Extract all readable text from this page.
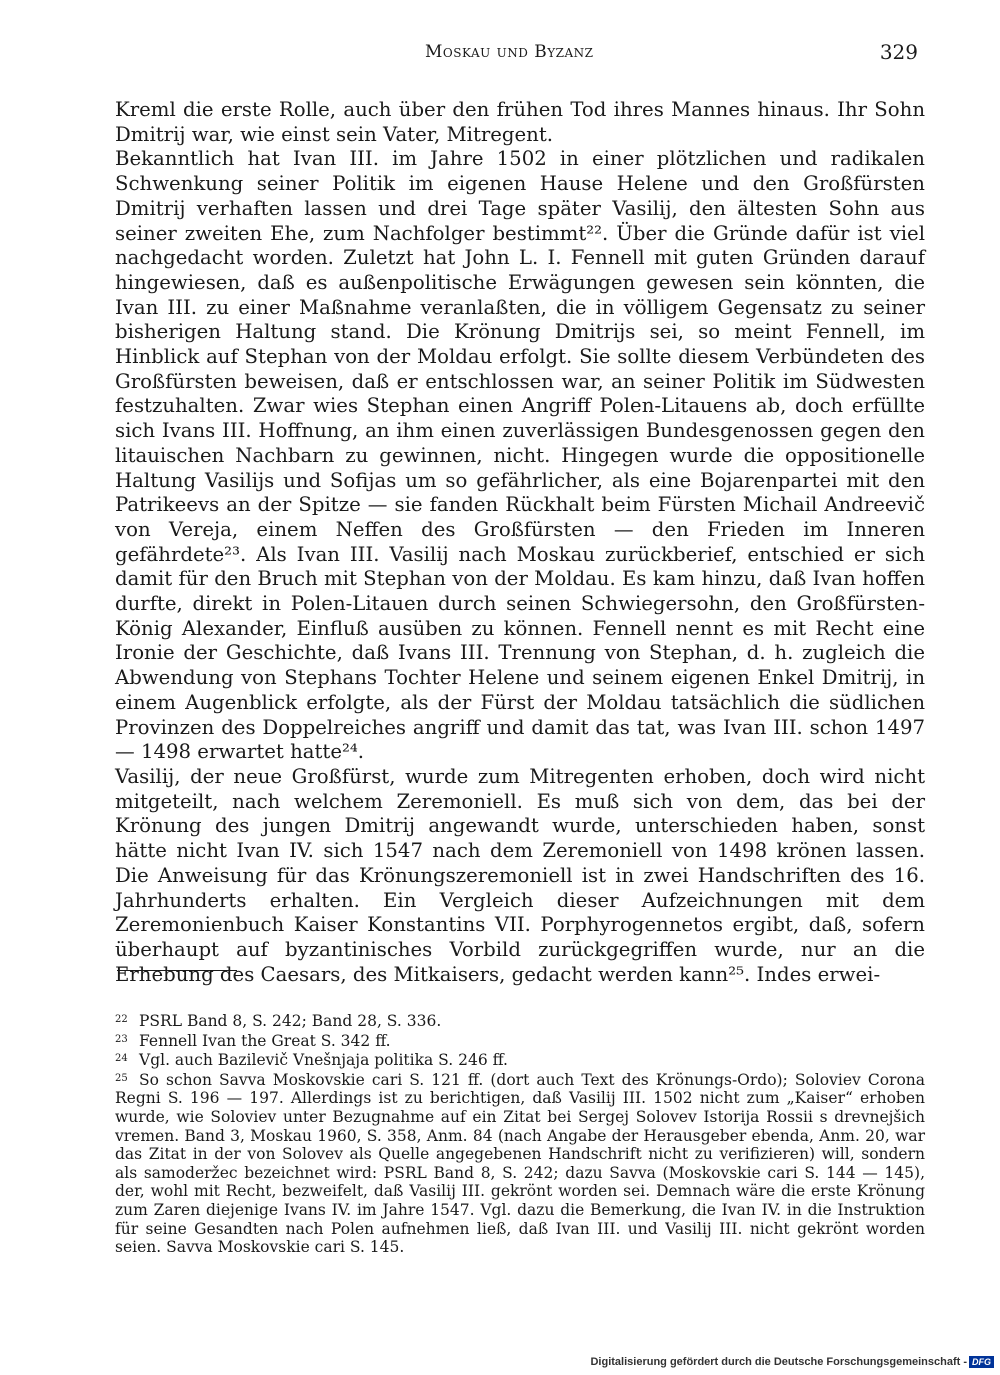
Moskau und Byzanz	329

Kreml die erste Rolle, auch über den frühen Tod ihres Mannes hinaus. Ihr Sohn Dmitrij war, wie einst sein Vater, Mitregent.

Bekanntlich hat Ivan III. im Jahre 1502 in einer plötzlichen und radikalen Schwenkung seiner Politik im eigenen Hause Helene und den Großfürsten Dmitrij verhaften lassen und drei Tage später Vasilij, den ältesten Sohn aus seiner zweiten Ehe, zum Nachfolger bestimmt²². Über die Gründe dafür ist viel nachgedacht worden. Zuletzt hat John L. I. Fennell mit guten Gründen darauf hingewiesen, daß es außenpolitische Erwägungen gewesen sein könnten, die Ivan III. zu einer Maßnahme veranlaßten, die in völligem Gegensatz zu seiner bisherigen Haltung stand. Die Krönung Dmitrijs sei, so meint Fennell, im Hinblick auf Stephan von der Moldau erfolgt. Sie sollte diesem Verbündeten des Großfürsten beweisen, daß er entschlossen war, an seiner Politik im Südwesten festzuhalten. Zwar wies Stephan einen Angriff Polen-Litauens ab, doch erfüllte sich Ivans III. Hoffnung, an ihm einen zuverlässigen Bundesgenossen gegen den litauischen Nachbarn zu gewinnen, nicht. Hingegen wurde die oppositionelle Haltung Vasilijs und Sofijas um so gefährlicher, als eine Bojarenpartei mit den Patrikeevs an der Spitze — sie fanden Rückhalt beim Fürsten Michail Andreevič von Vereja, einem Neffen des Großfürsten — den Frieden im Inneren gefährdete²³. Als Ivan III. Vasilij nach Moskau zurückberief, entschied er sich damit für den Bruch mit Stephan von der Moldau. Es kam hinzu, daß Ivan hoffen durfte, direkt in Polen-Litauen durch seinen Schwiegersohn, den Großfürsten-König Alexander, Einfluß ausüben zu können. Fennell nennt es mit Recht eine Ironie der Geschichte, daß Ivans III. Trennung von Stephan, d. h. zugleich die Abwendung von Stephans Tochter Helene und seinem eigenen Enkel Dmitrij, in einem Augenblick erfolgte, als der Fürst der Moldau tatsächlich die südlichen Provinzen des Doppelreiches angriff und damit das tat, was Ivan III. schon 1497 — 1498 erwartet hatte²⁴.

Vasilij, der neue Großfürst, wurde zum Mitregenten erhoben, doch wird nicht mitgeteilt, nach welchem Zeremoniell. Es muß sich von dem, das bei der Krönung des jungen Dmitrij angewandt wurde, unterschieden haben, sonst hätte nicht Ivan IV. sich 1547 nach dem Zeremoniell von 1498 krönen lassen. Die Anweisung für das Krönungszeremoniell ist in zwei Handschriften des 16. Jahrhunderts erhalten. Ein Vergleich dieser Aufzeichnungen mit dem Zeremonienbuch Kaiser Konstantins VII. Porphyrogennetos ergibt, daß, sofern überhaupt auf byzantinisches Vorbild zurückgegriffen wurde, nur an die Erhebung des Caesars, des Mitkaisers, gedacht werden kann²⁵. Indes erwei-

22 PSRL Band 8, S. 242; Band 28, S. 336.

23 Fennell Ivan the Great S. 342 ff.

24 Vgl. auch Bazilevič Vnešnjaja politika S. 246 ff.

25 So schon Savva Moskovskie cari S. 121 ff. (dort auch Text des Krönungs-Ordo); Soloviev Corona Regni S. 196 — 197. Allerdings ist zu berichtigen, daß Vasilij III. 1502 nicht zum „Kaiser“ erhoben wurde, wie Soloviev unter Bezugnahme auf ein Zitat bei Sergej Solovev Istorija Rossii s drevnejšich vremen. Band 3, Moskau 1960, S. 358, Anm. 84 (nach Angabe der Herausgeber ebenda, Anm. 20, war das Zitat in der von Solovev als Quelle angegebenen Handschrift nicht zu verifizieren) will, sondern als samoderžec bezeichnet wird: PSRL Band 8, S. 242; dazu Savva (Moskovskie cari S. 144 — 145), der, wohl mit Recht, bezweifelt, daß Vasilij III. gekrönt worden sei. Demnach wäre die erste Krönung zum Zaren diejenige Ivans IV. im Jahre 1547. Vgl. dazu die Bemerkung, die Ivan IV. in die Instruktion für seine Gesandten nach Polen aufnehmen ließ, daß Ivan III. und Vasilij III. nicht gekrönt worden seien. Savva Moskovskie cari S. 145.

Digitalisierung gefördert durch die Deutsche Forschungsgemeinschaft - DFG
